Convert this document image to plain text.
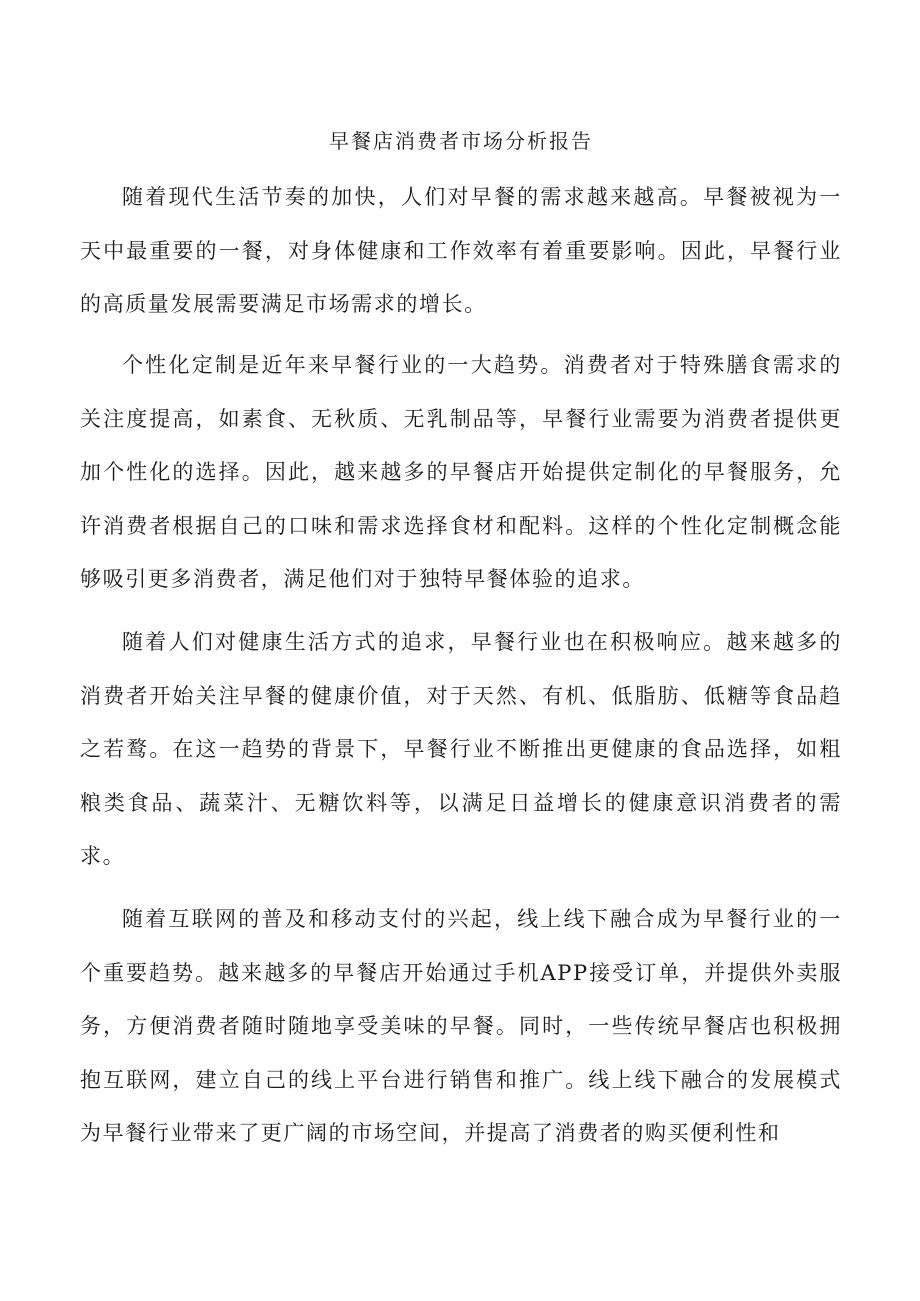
早餐店消费者市场分析报告

随着现代生活节奏的加快，人们对早餐的需求越来越高。早餐被视为一天中最重要的一餐，对身体健康和工作效率有着重要影响。因此，早餐行业的高质量发展需要满足市场需求的增长。

个性化定制是近年来早餐行业的一大趋势。消费者对于特殊膳食需求的关注度提高，如素食、无秋质、无乳制品等，早餐行业需要为消费者提供更加个性化的选择。因此，越来越多的早餐店开始提供定制化的早餐服务，允许消费者根据自己的口味和需求选择食材和配料。这样的个性化定制概念能够吸引更多消费者，满足他们对于独特早餐体验的追求。

随着人们对健康生活方式的追求，早餐行业也在积极响应。越来越多的消费者开始关注早餐的健康价值，对于天然、有机、低脂肪、低糖等食品趋之若鹜。在这一趋势的背景下，早餐行业不断推出更健康的食品选择，如粗粮类食品、蔬菜汁、无糖饮料等，以满足日益增长的健康意识消费者的需求。

随着互联网的普及和移动支付的兴起，线上线下融合成为早餐行业的一个重要趋势。越来越多的早餐店开始通过手机APP接受订单，并提供外卖服务，方便消费者随时随地享受美味的早餐。同时，一些传统早餐店也积极拥抱互联网，建立自己的线上平台进行销售和推广。线上线下融合的发展模式为早餐行业带来了更广阔的市场空间，并提高了消费者的购买便利性和
